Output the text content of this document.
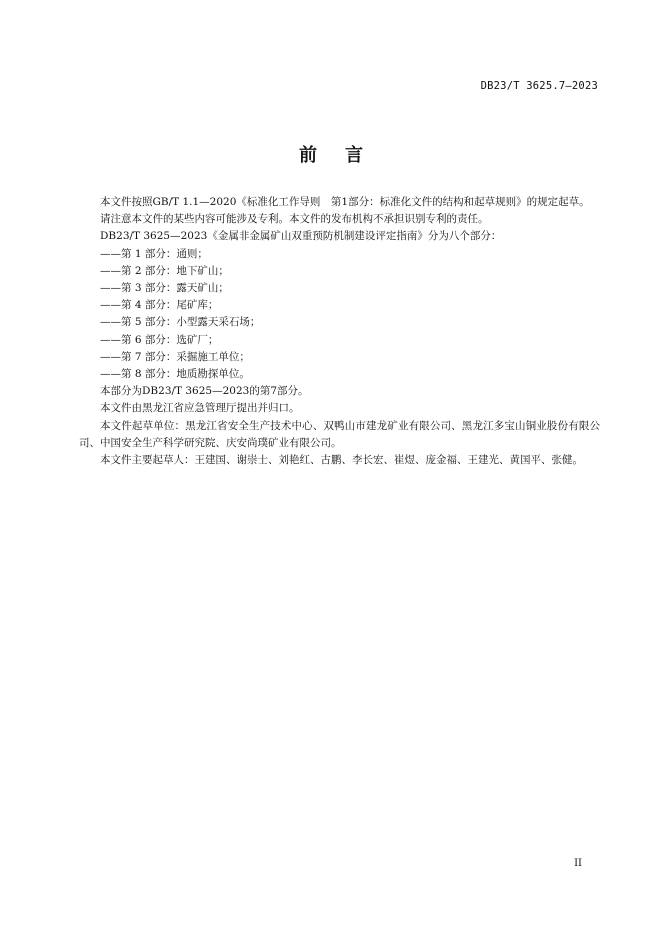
DB23/T 3625.7—2023
前言

本文件按照GB/T 1.1—2020《标准化工作导则　第1部分：标准化文件的结构和起草规则》的规定起草。

请注意本文件的某些内容可能涉及专利。本文件的发布机构不承担识别专利的责任。

DB23/T 3625—2023《金属非金属矿山双重预防机制建设评定指南》分为八个部分：

——第 1 部分：通则；

——第 2 部分：地下矿山；

——第 3 部分：露天矿山；

——第 4 部分：尾矿库；

——第 5 部分：小型露天采石场；

——第 6 部分：选矿厂；

——第 7 部分：采掘施工单位；

——第 8 部分：地质勘探单位。

本部分为DB23/T 3625—2023的第7部分。

本文件由黑龙江省应急管理厅提出并归口。

本文件起草单位：黑龙江省安全生产技术中心、双鸭山市建龙矿业有限公司、黑龙江多宝山铜业股份有限公司、中国安全生产科学研究院、庆安尚璞矿业有限公司。

本文件主要起草人：王建国、谢崇士、刘艳红、古鹏、李长宏、崔煜、庞金福、王建光、黄国平、张健。

II
